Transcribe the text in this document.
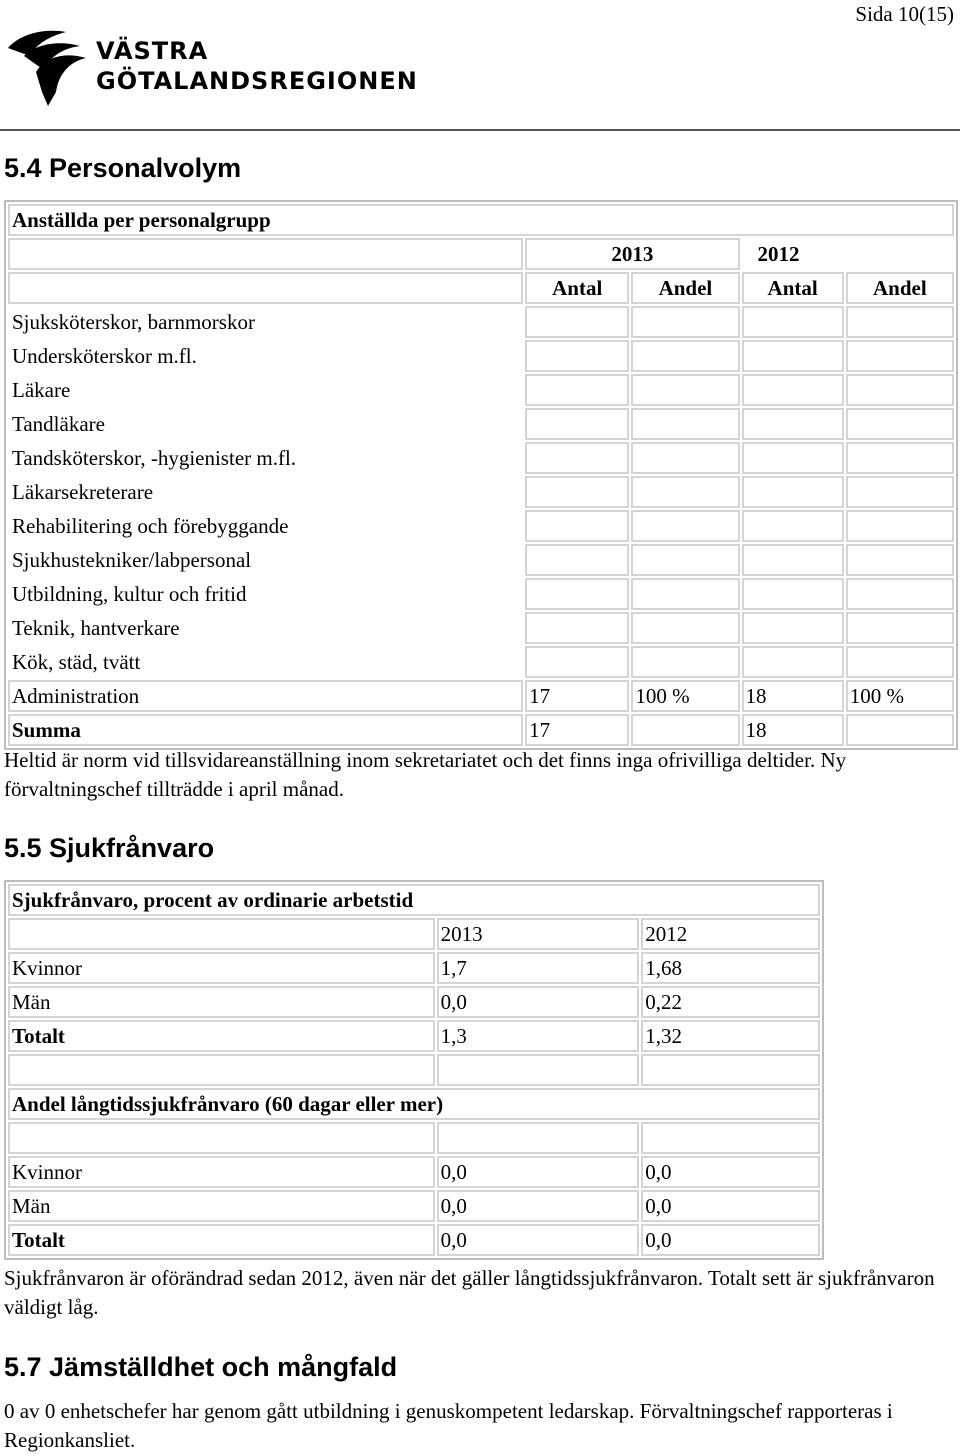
Sida 10(15)
VÄSTRA
GÖTALANDSREGIONEN
5.4 Personalvolym
Anställda per personalgrupp				
	2013		2012	
	Antal	Andel	Antal	Andel
Sjuksköterskor, barnmorskor				
Undersköterskor m.fl.				
Läkare				
Tandläkare				
Tandsköterskor, -hygienister m.fl.				
Läkarsekreterare				
Rehabilitering och förebyggande				
Sjukhustekniker/labpersonal				
Utbildning, kultur och fritid				
Teknik, hantverkare				
Kök, städ, tvätt				
Administration	17	100 %	18	100 %
Summa	17		18	

Heltid är norm vid tillsvidareanställning inom sekretariatet och det finns inga ofrivilliga deltider. Ny förvaltningschef tillträdde i april månad.

5.5 Sjukfrånvaro
Sjukfrånvaro, procent av ordinarie arbetstid		
	2013	2012
Kvinnor	1,7	1,68
Män	0,0	0,22
Totalt	1,3	1,32

Andel långtidssjukfrånvaro (60 dagar eller mer)		

Kvinnor	0,0	0,0
Män	0,0	0,0
Totalt	0,0	0,0

Sjukfrånvaron är oförändrad sedan 2012, även när det gäller långtidssjukfrånvaron. Totalt sett är sjukfrånvaron väldigt låg.

5.7 Jämställdhet och mångfald

0 av 0 enhetschefer har genom gått utbildning i genuskompetent ledarskap. Förvaltningschef rapporteras i Regionkansliet.
